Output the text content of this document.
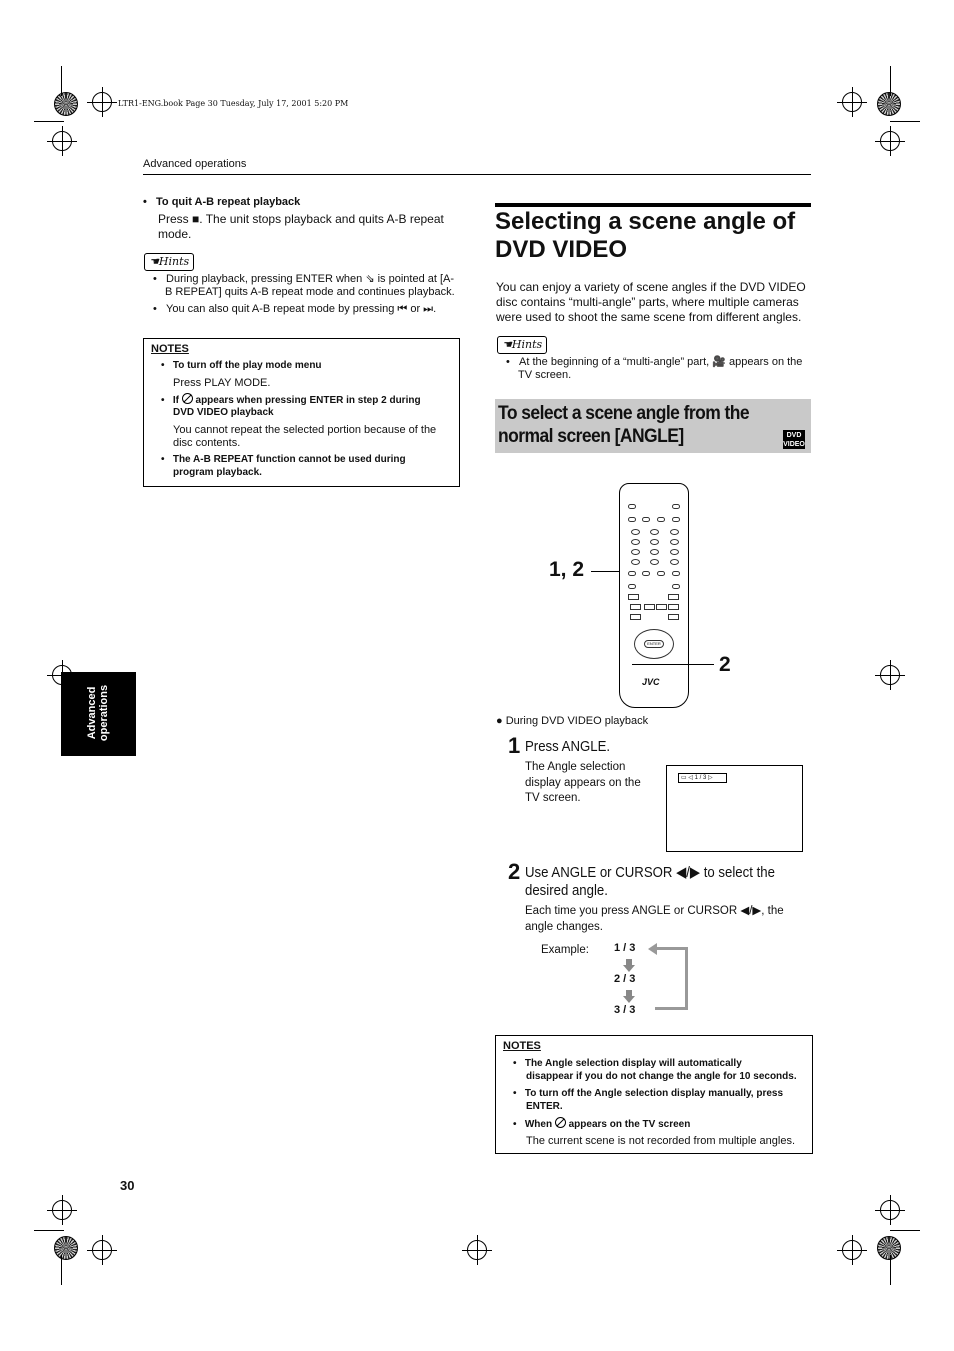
LTR1-ENG.book Page 30 Tuesday, July 17, 2001 5:20 PM
Advanced operations
Advanced operations
•   To quit A-B repeat playback
Press ■. The unit stops playback and quits A-B repeat
mode.
☚Hints
•   During playback, pressing ENTER when ⇘ is pointed at [A-
B REPEAT] quits A-B repeat mode and continues playback.
•   You can also quit A-B repeat mode by pressing ⏮ or ⏭.
NOTES
•   To turn off the play mode menu
Press PLAY MODE.
•   If appears when pressing ENTER in step 2 during
DVD VIDEO playback
You cannot repeat the selected portion because of the
disc contents.
•   The A-B REPEAT function cannot be used during
program playback.
Selecting a scene angle of
DVD VIDEO
You can enjoy a variety of scene angles if the DVD VIDEO
disc contains “multi-angle” parts, where multiple cameras
were used to shoot the same scene from different angles.
☚Hints
•   At the beginning of a “multi-angle” part, 🎥 appears on the
TV screen.
To select a scene angle from the normal screen [ANGLE]	DVD
VIDEO
ENTER
JVC
1, 2
2
● During DVD VIDEO playback
1 Press ANGLE.
The Angle selection
display appears on the
TV screen.
▭ ◁ 1 / 3 ▷
2 Use ANGLE or CURSOR ◀/▶ to select the
desired angle.
Each time you press ANGLE or CURSOR ◀/▶, the
angle changes.
Example: 1 / 3
2 / 3
3 / 3
NOTES
•   The Angle selection display will automatically
disappear if you do not change the angle for 10 seconds.
•   To turn off the Angle selection display manually, press
ENTER.
•   When appears on the TV screen
The current scene is not recorded from multiple angles.
30
